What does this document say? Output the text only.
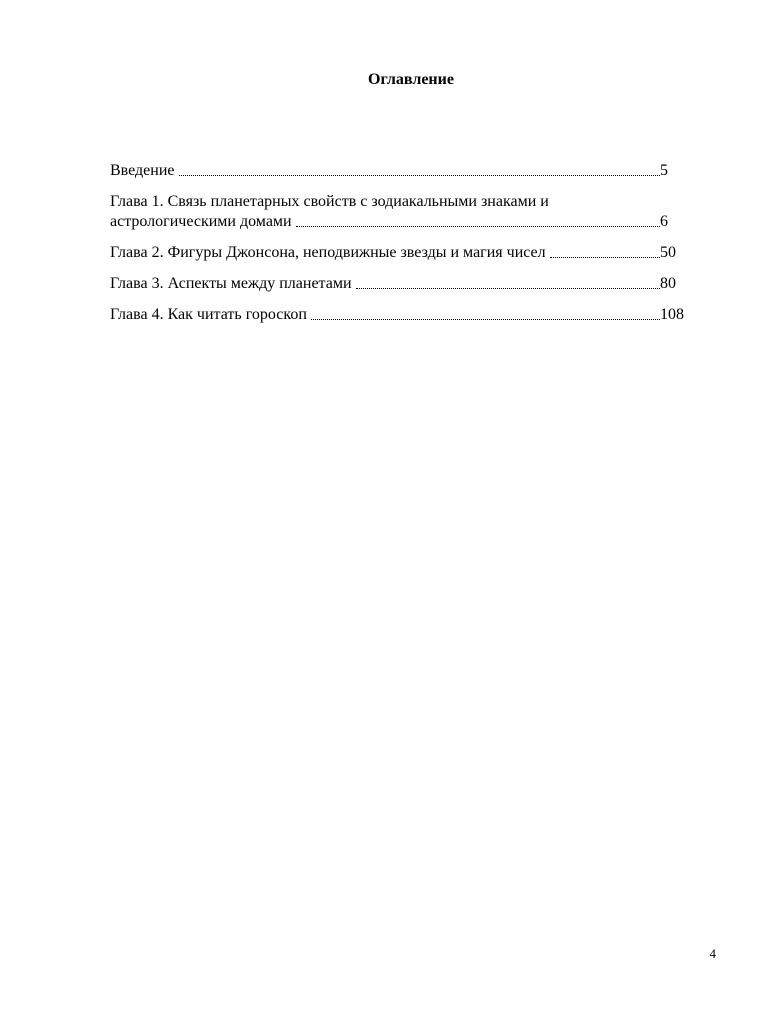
Оглавление
Введение	5
Глава 1. Связь планетарных свойств с зодиакальными знаками и
астрологическими домами	6
Глава 2. Фигуры Джонсона, неподвижные звезды и магия чисел	50
Глава 3. Аспекты между планетами	80
Глава 4. Как читать гороскоп	108
4
